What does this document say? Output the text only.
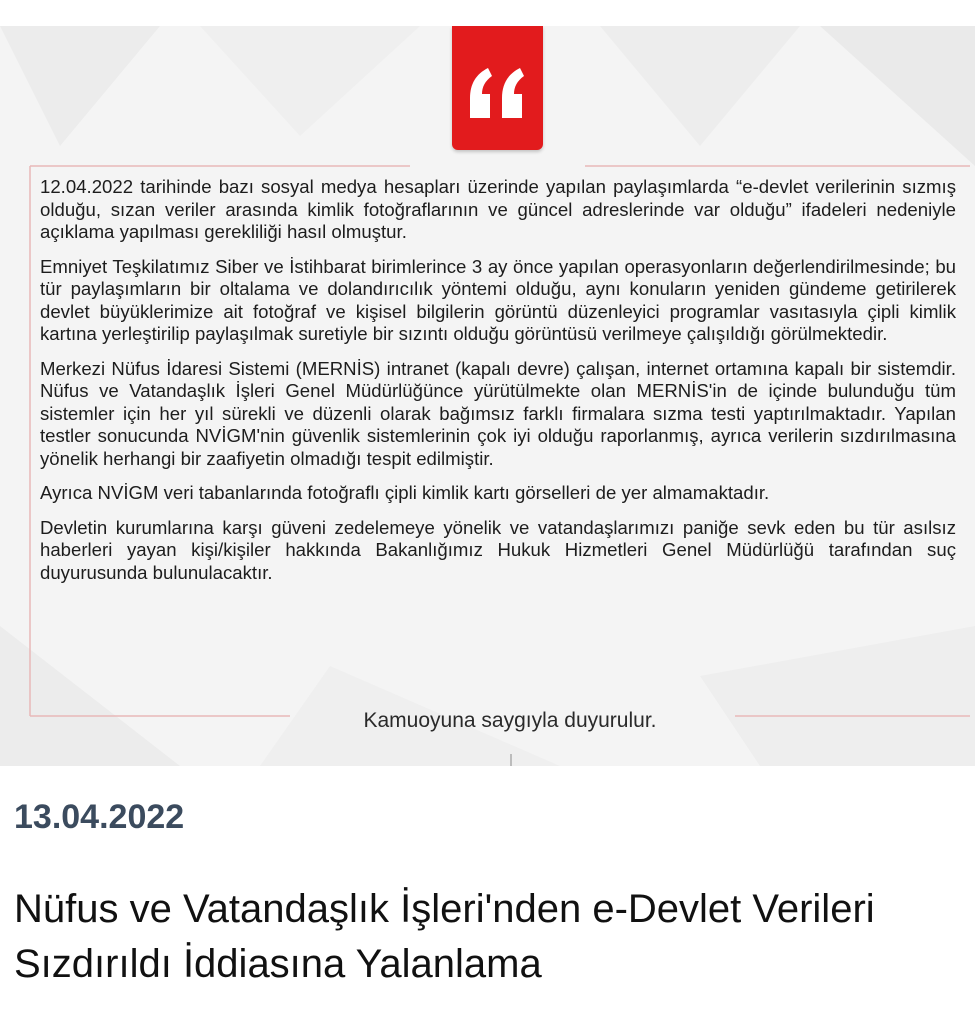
12.04.2022 tarihinde bazı sosyal medya hesapları üzerinde yapılan paylaşımlarda “e-devlet verilerinin sızmış olduğu, sızan veriler arasında kimlik fotoğraflarının ve güncel adreslerinde var olduğu” ifadeleri nedeniyle açıklama yapılması gerekliliği hasıl olmuştur.

Emniyet Teşkilatımız Siber ve İstihbarat birimlerince 3 ay önce yapılan operasyonların değerlendirilmesinde; bu tür paylaşımların bir oltalama ve dolandırıcılık yöntemi olduğu, aynı konuların yeniden gündeme getirilerek devlet büyüklerimize ait fotoğraf ve kişisel bilgilerin görüntü düzenleyici programlar vasıtasıyla çipli kimlik kartına yerleştirilip paylaşılmak suretiyle bir sızıntı olduğu görüntüsü verilmeye çalışıldığı görülmektedir.

Merkezi Nüfus İdaresi Sistemi (MERNİS) intranet (kapalı devre) çalışan, internet ortamına kapalı bir sistemdir. Nüfus ve Vatandaşlık İşleri Genel Müdürlüğünce yürütülmekte olan MERNİS'in de içinde bulunduğu tüm sistemler için her yıl sürekli ve düzenli olarak bağımsız farklı firmalara sızma testi yaptırılmaktadır. Yapılan testler sonucunda NVİGM'nin güvenlik sistemlerinin çok iyi olduğu raporlanmış, ayrıca verilerin sızdırılmasına yönelik herhangi bir zaafiyetin olmadığı tespit edilmiştir.

Ayrıca NVİGM veri tabanlarında fotoğraflı çipli kimlik kartı görselleri de yer almamaktadır.

Devletin kurumlarına karşı güveni zedelemeye yönelik ve vatandaşlarımızı paniğe sevk eden bu tür asılsız haberleri yayan kişi/kişiler hakkında Bakanlığımız Hukuk Hizmetleri Genel Müdürlüğü tarafından suç duyurusunda bulunulacaktır.

Kamuoyuna saygıyla duyurulur.
13.04.2022
Nüfus ve Vatandaşlık İşleri'nden e-Devlet Verileri Sızdırıldı İddiasına Yalanlama
